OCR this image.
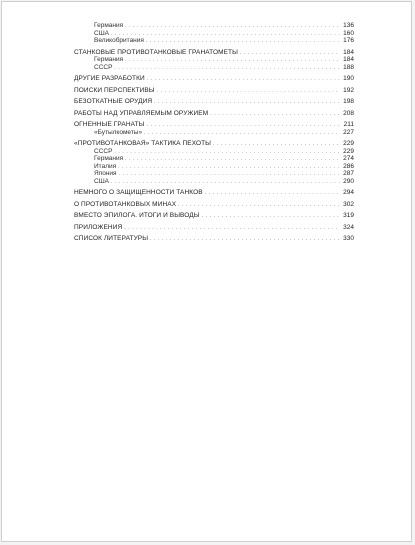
Германия .....	136
США .....	160
Великобритания .....	176
СТАНКОВЫЕ ПРОТИВОТАНКОВЫЕ ГРАНАТОМЕТЫ .....	184
Германия .....	184
СССР .....	188
ДРУГИЕ РАЗРАБОТКИ .....	190
ПОИСКИ ПЕРСПЕКТИВЫ .....	192
БЕЗОТКАТНЫЕ ОРУДИЯ .....	198
РАБОТЫ НАД УПРАВЛЯЕМЫМ ОРУЖИЕМ .....	208
ОГНЕННЫЕ ГРАНАТЫ .....	211
«Бутылкометы» .....	227
«ПРОТИВОТАНКОВАЯ» ТАКТИКА ПЕХОТЫ .....	229
СССР .....	229
Германия .....	274
Италия .....	286
Япония .....	287
США .....	290
НЕМНОГО О ЗАЩИЩЕННОСТИ ТАНКОВ .....	294
О ПРОТИВОТАНКОВЫХ МИНАХ .....	302
ВМЕСТО ЭПИЛОГА. ИТОГИ И ВЫВОДЫ .....	319
ПРИЛОЖЕНИЯ .....	324
СПИСОК ЛИТЕРАТУРЫ .....	330
